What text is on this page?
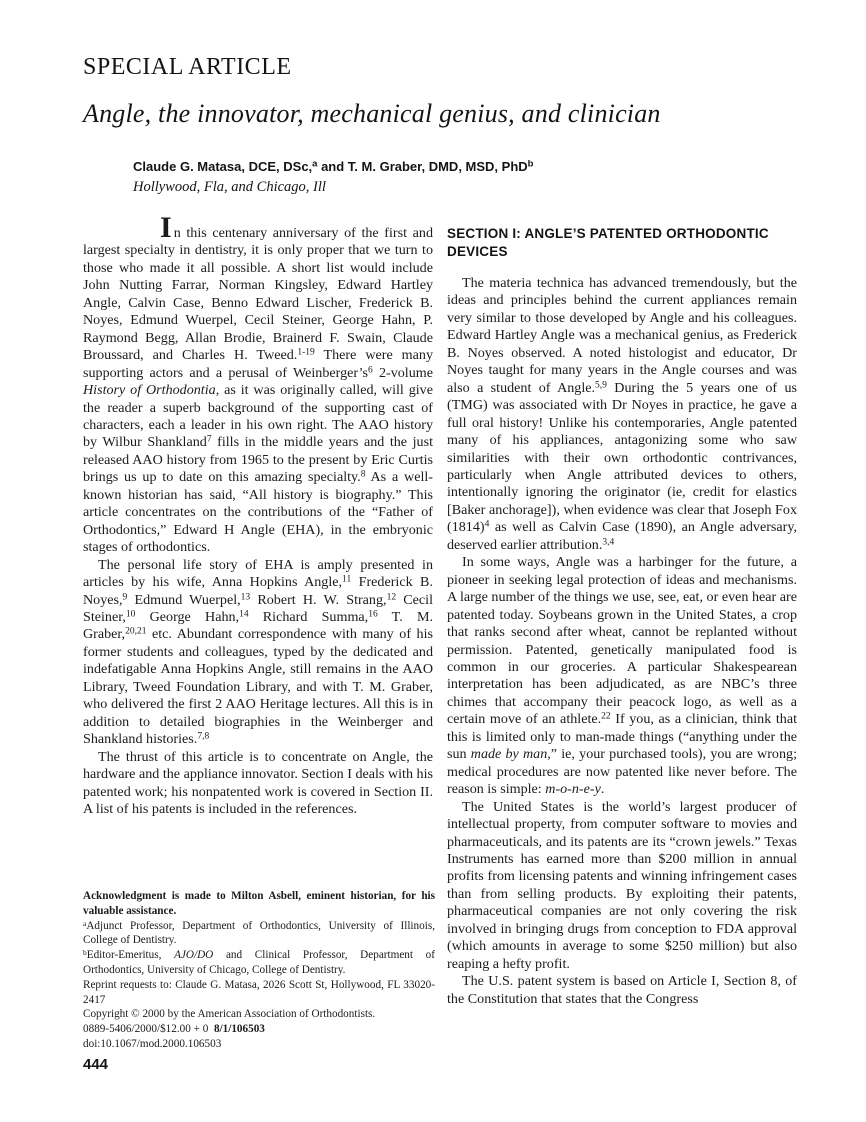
SPECIAL ARTICLE
Angle, the innovator, mechanical genius, and clinician
Claude G. Matasa, DCE, DSc,$^a$ and T. M. Graber, DMD, MSD, PhD$^b$
Hollywood, Fla, and Chicago, Ill

In this centenary anniversary of the first and largest specialty in dentistry, it is only proper that we turn to those who made it all possible. A short list would include John Nutting Farrar, Norman Kingsley, Edward Hartley Angle, Calvin Case, Benno Edward Lischer, Frederick B. Noyes, Edmund Wuerpel, Cecil Steiner, George Hahn, P. Raymond Begg, Allan Brodie, Brainerd F. Swain, Claude Broussard, and Charles H. Tweed.$^{1-19}$ There were many supporting actors and a perusal of $Weinberger’s^6$ 2-volume History of Orthodontia, as it was originally called, will give the reader a superb background of the supporting cast of characters, each a leader in his own right. The AAO history by Wilbur Shankland$^7$ fills in the middle years and the just released AAO history from 1965 to the present by Eric Curtis brings us up to date on this amazing specialty.$^8$ As a well-known historian has said, “All history is biography.” This article concentrates on the contributions of the “Father of Orthodontics,” Edward H Angle (EHA), in the embryonic stages of orthodontics.

The personal life story of EHA is amply presented in articles by his wife, Anna Hopkins Angle,$^{11}$ Frederick B. Noyes,$^9$ Edmund Wuerpel,$^{13}$ Robert H. W. Strang,$^{12}$ Cecil Steiner,$^{10}$ George Hahn,$^{14}$ Richard Summa,$^{16}$ T. M. Graber,$^{20,21}$ etc. Abundant correspondence with many of his former students and colleagues, typed by the dedicated and indefatigable Anna Hopkins Angle, still remains in the AAO Library, Tweed Foundation Library, and with T. M. Graber, who delivered the first 2 AAO Heritage lectures. All this is in addition to detailed biographies in the Weinberger and Shankland histories.$^{7,8}$

The thrust of this article is to concentrate on Angle, the hardware and the appliance innovator. Section I deals with his patented work; his nonpatented work is covered in Section II. A list of his patents is included in the references.

SECTION I: ANGLE’S PATENTED ORTHODONTIC DEVICES

The materia technica has advanced tremendously, but the ideas and principles behind the current appliances remain very similar to those developed by Angle and his colleagues. Edward Hartley Angle was a mechanical genius, as Frederick B. Noyes observed. A noted histologist and educator, Dr Noyes taught for many years in the Angle courses and was also a student of Angle.$^{5,9}$ During the 5 years one of us (TMG) was associated with Dr Noyes in practice, he gave a full oral history! Unlike his contemporaries, Angle patented many of his appliances, antagonizing some who saw similarities with their own orthodontic contrivances, particularly when Angle attributed devices to others, intentionally ignoring the originator (ie, credit for elastics [Baker anchorage]), when evidence was clear that Joseph Fox $(1814)^4$ as well as Calvin Case (1890), an Angle adversary, deserved earlier attribution.$^{3,4}$

In some ways, Angle was a harbinger for the future, a pioneer in seeking legal protection of ideas and mechanisms. A large number of the things we use, see, eat, or even hear are patented today. Soybeans grown in the United States, a crop that ranks second after wheat, cannot be replanted without permission. Patented, genetically manipulated food is common in our groceries. A particular Shakespearean interpretation has been adjudicated, as are NBC’s three chimes that accompany their peacock logo, as well as a certain move of an athlete.$^{22}$ If you, as a clinician, think that this is limited only to man-made things (“anything under the sun made by man,” ie, your purchased tools), you are wrong; medical procedures are now patented like never before. The reason is simple: m-o-n-e-y.

The United States is the world’s largest producer of intellectual property, from computer software to movies and pharmaceuticals, and its patents are its “crown jewels.” Texas Instruments has earned more than $200 million in annual profits from licensing patents and winning infringement cases than from selling products. By exploiting their patents, pharmaceutical companies are not only covering the risk involved in bringing drugs from conception to FDA approval (which amounts in average to some $250 million) but also reaping a hefty profit.

The U.S. patent system is based on Article I, Section 8, of the Constitution that states that the Congress

Acknowledgment is made to Milton Asbell, eminent historian, for his valuable assistance.

$^a$Adjunct Professor, Department of Orthodontics, University of Illinois, College of Dentistry.

$^b$Editor-Emeritus, AJO/DO and Clinical Professor, Department of Orthodontics, University of Chicago, College of Dentistry.

Reprint requests to: Claude G. Matasa, 2026 Scott St, Hollywood, FL 33020-2417

Copyright © 2000 by the American Association of Orthodontists.

0889-5406/2000/$12.00 + 0 8/1/106503

doi:10.1067/mod.2000.106503

444
